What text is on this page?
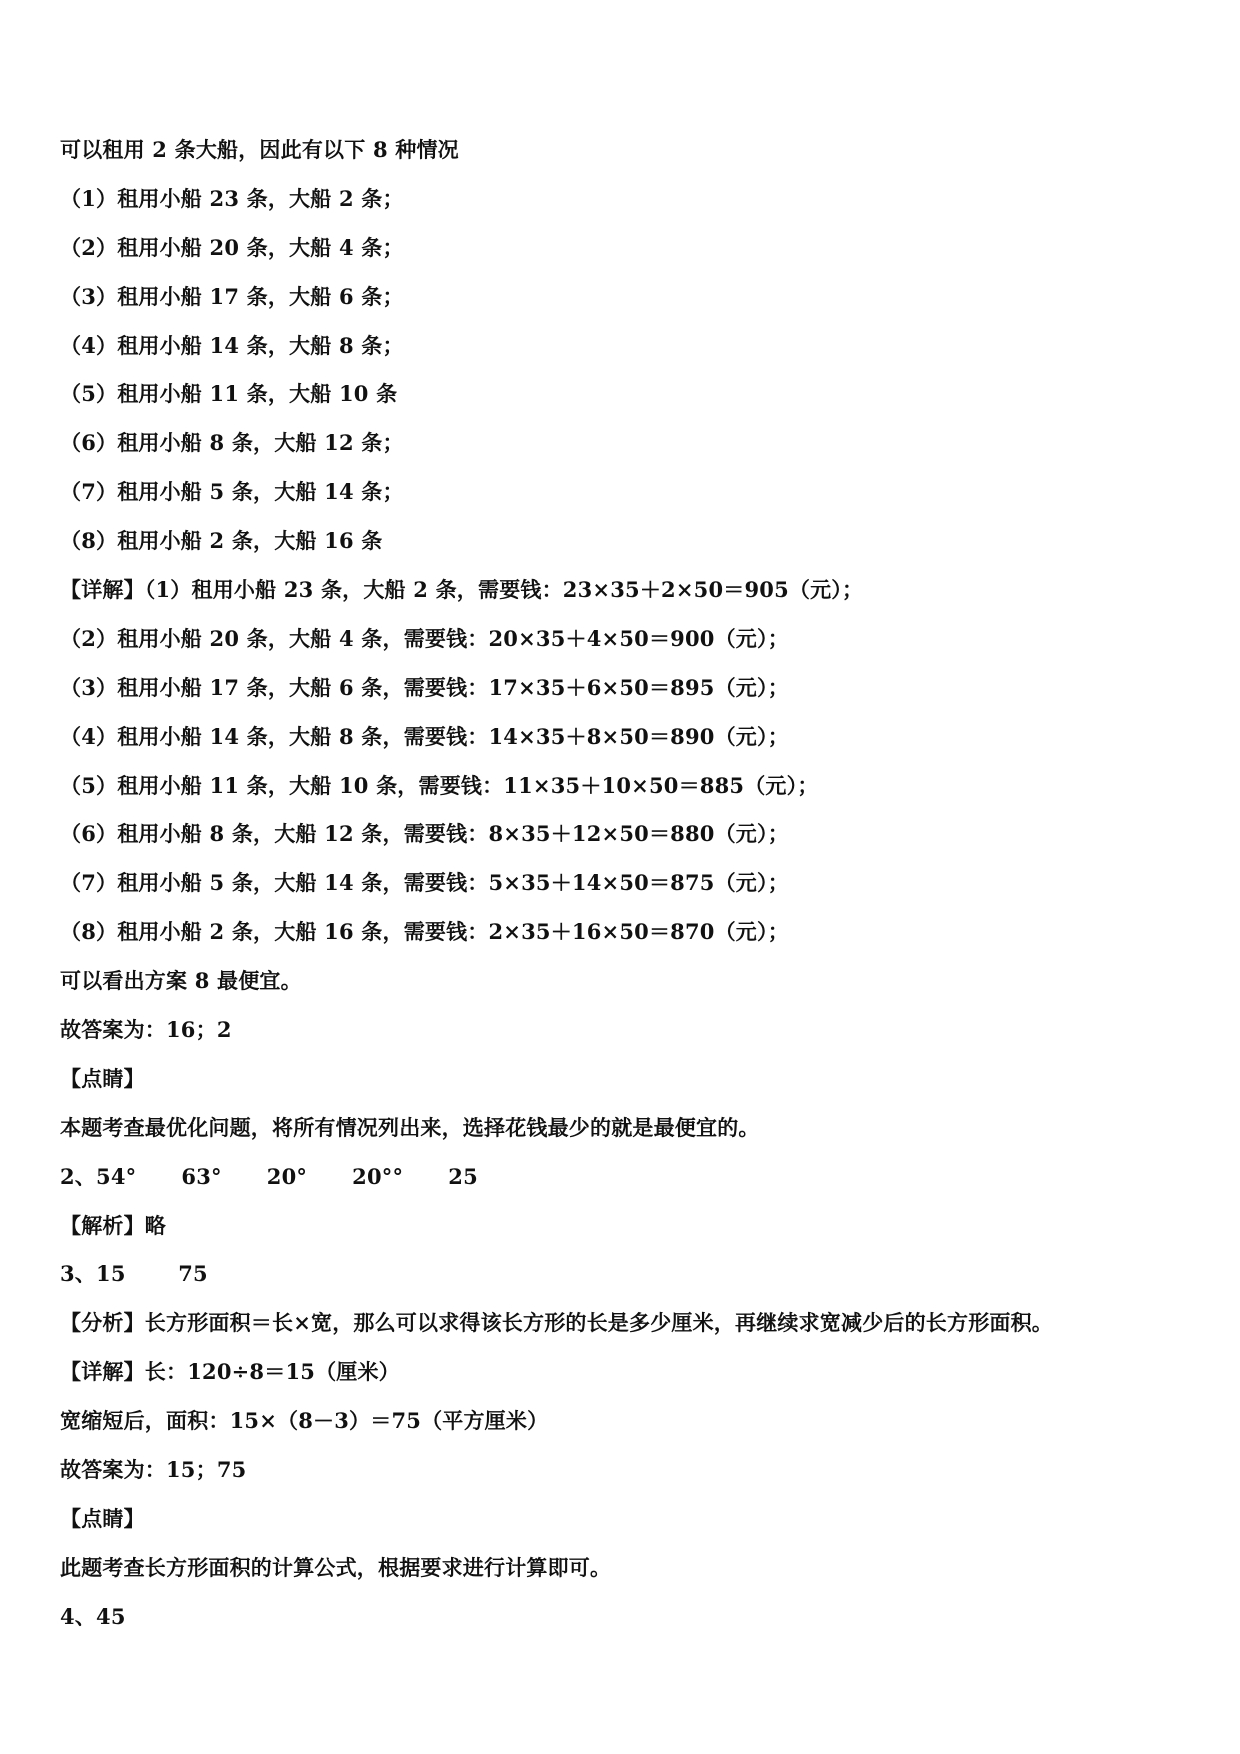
可以租用 2 条大船，因此有以下 8 种情况
（1）租用小船 23 条，大船 2 条；
（2）租用小船 20 条，大船 4 条；
（3）租用小船 17 条，大船 6 条；
（4）租用小船 14 条，大船 8 条；
（5）租用小船 11 条，大船 10 条
（6）租用小船 8 条，大船 12 条；
（7）租用小船 5 条，大船 14 条；
（8）租用小船 2 条，大船 16 条
【详解】（1）租用小船 23 条，大船 2 条，需要钱：23×35＋2×50＝905（元）；
（2）租用小船 20 条，大船 4 条，需要钱：20×35＋4×50＝900（元）；
（3）租用小船 17 条，大船 6 条，需要钱：17×35＋6×50＝895（元）；
（4）租用小船 14 条，大船 8 条，需要钱：14×35＋8×50＝890（元）；
（5）租用小船 11 条，大船 10 条，需要钱：11×35＋10×50＝885（元）；
（6）租用小船 8 条，大船 12 条，需要钱：8×35＋12×50＝880（元）；
（7）租用小船 5 条，大船 14 条，需要钱：5×35＋14×50＝875（元）；
（8）租用小船 2 条，大船 16 条，需要钱：2×35＋16×50＝870（元）；
可以看出方案 8 最便宜。
故答案为：16；2
【点睛】
本题考查最优化问题，将所有情况列出来，选择花钱最少的就是最便宜的。
2、54°      63°      20°      20°°      25
【解析】略
3、15       75
【分析】长方形面积＝长×宽，那么可以求得该长方形的长是多少厘米，再继续求宽减少后的长方形面积。
【详解】长：120÷8＝15（厘米）
宽缩短后，面积：15×（8－3）＝75（平方厘米）
故答案为：15；75
【点睛】
此题考查长方形面积的计算公式，根据要求进行计算即可。
4、45
